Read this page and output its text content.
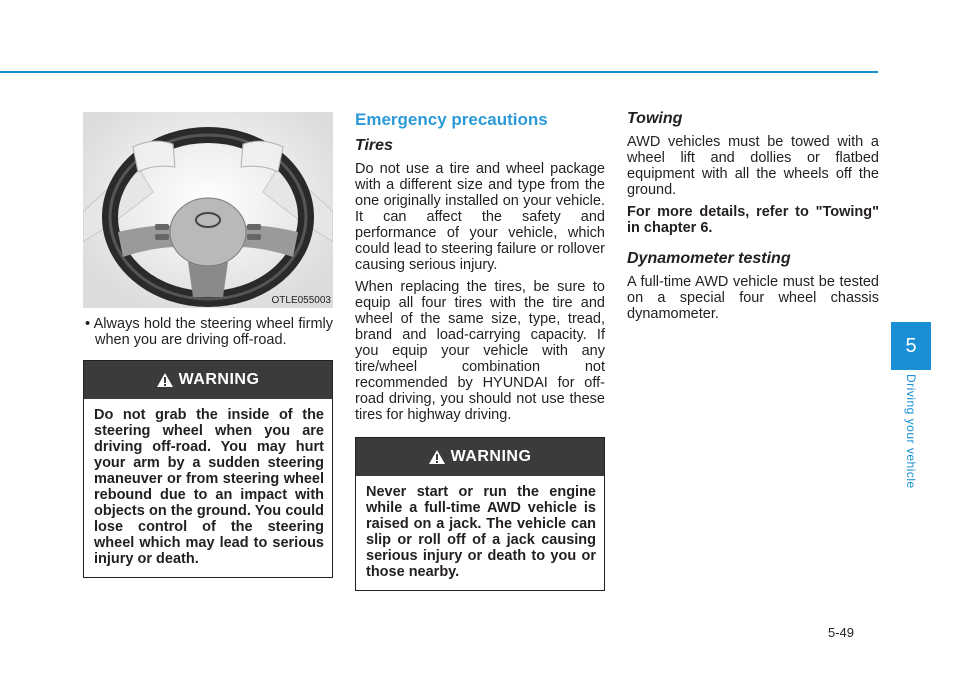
OTLE055003
• Always hold the steering wheel firmly when you are driving off-road.
WARNING
Do not grab the inside of the steering wheel when you are driving off-road. You may hurt your arm by a sudden steering maneuver or from steering wheel rebound due to an impact with objects on the ground. You could lose control of the steering wheel which may lead to serious injury or death.
Emergency precautions
Tires

Do not use a tire and wheel package with a different size and type from the one originally installed on your vehicle. It can affect the safety and performance of your vehicle, which could lead to steering failure or rollover causing serious injury.

When replacing the tires, be sure to equip all four tires with the tire and wheel of the same size, type, tread, brand and load-carrying capacity. If you equip your vehicle with any tire/wheel combination not recommended by HYUNDAI for off-road driving, you should not use these tires for highway driving.

WARNING
Never start or run the engine while a full-time AWD vehicle is raised on a jack. The vehicle can slip or roll off of a jack causing serious injury or death to you or those nearby.
Towing

AWD vehicles must be towed with a wheel lift and dollies or flatbed equipment with all the wheels off the ground.

For more details, refer to "Towing" in chapter 6.

Dynamometer testing

A full-time AWD vehicle must be tested on a special four wheel chassis dynamometer.

5
Driving your vehicle
5-49
